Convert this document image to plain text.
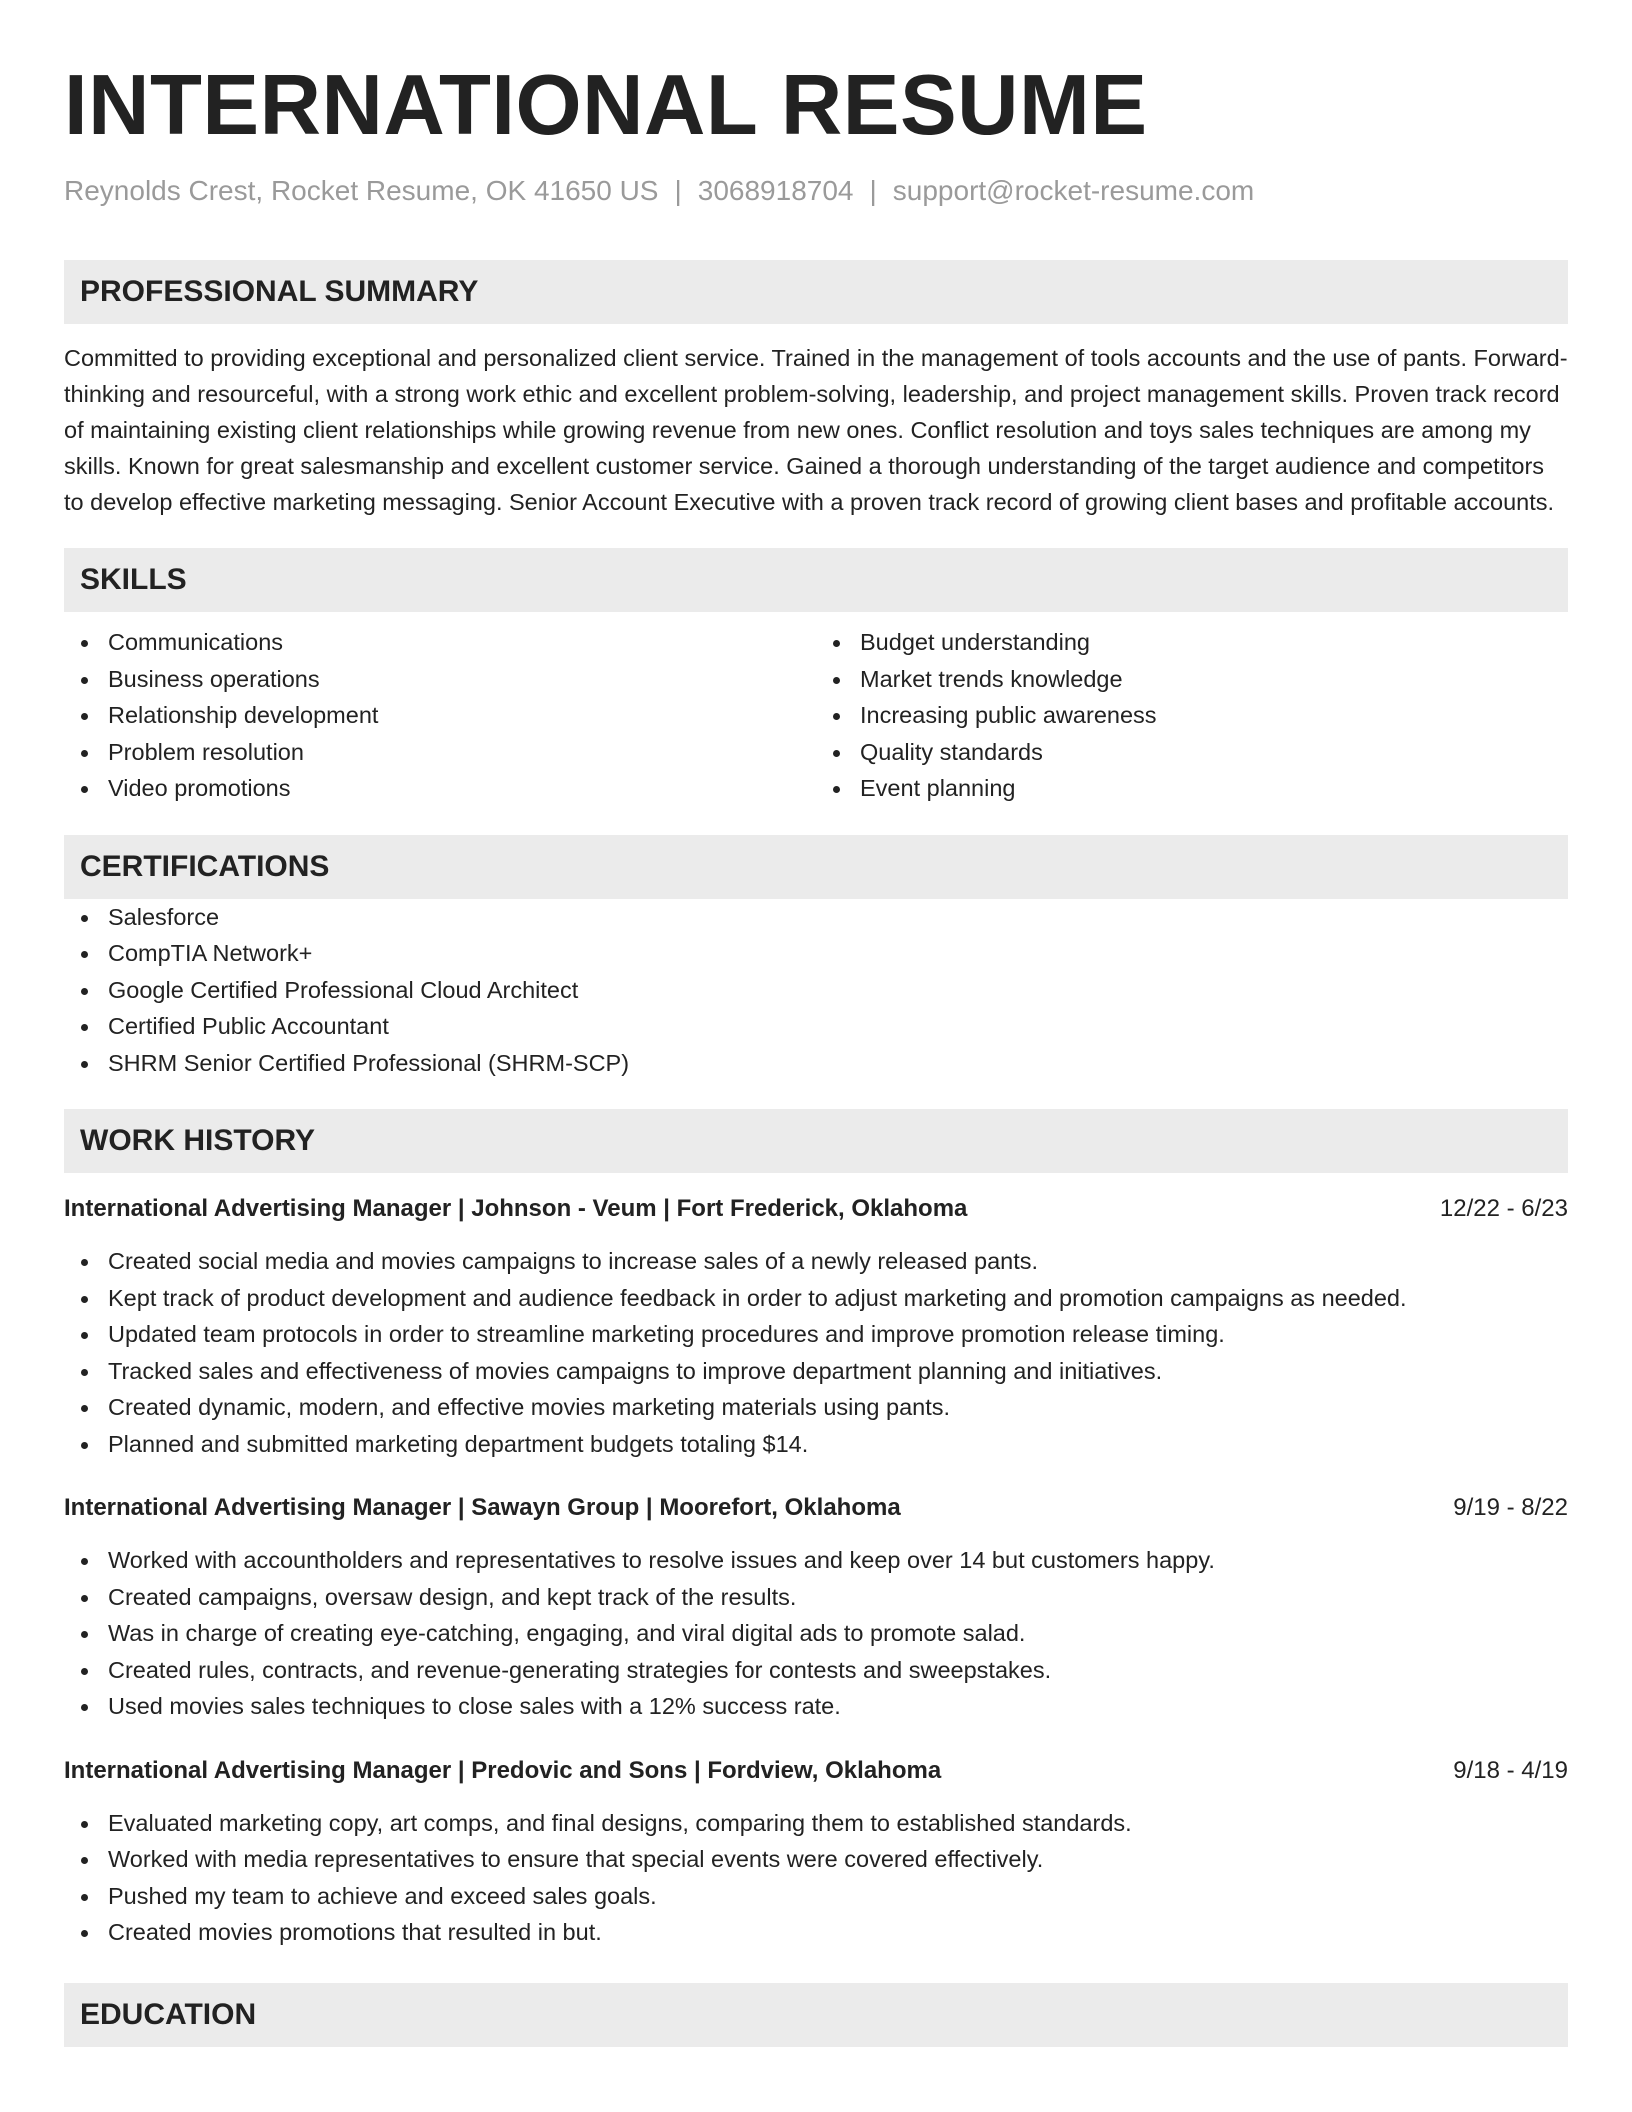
INTERNATIONAL RESUME
Reynolds Crest, Rocket Resume, OK 41650 US | 3068918704 | support@rocket-resume.com
PROFESSIONAL SUMMARY

Committed to providing exceptional and personalized client service. Trained in the management of tools accounts and the use of pants. Forward-thinking and resourceful, with a strong work ethic and excellent problem-solving, leadership, and project management skills. Proven track record of maintaining existing client relationships while growing revenue from new ones. Conflict resolution and toys sales techniques are among my skills. Known for great salesmanship and excellent customer service. Gained a thorough understanding of the target audience and competitors to develop effective marketing messaging. Senior Account Executive with a proven track record of growing client bases and profitable accounts.

SKILLS
Communications
Business operations
Relationship development
Problem resolution
Video promotions
Budget understanding
Market trends knowledge
Increasing public awareness
Quality standards
Event planning
CERTIFICATIONS
Salesforce
CompTIA Network+
Google Certified Professional Cloud Architect
Certified Public Accountant
SHRM Senior Certified Professional (SHRM-SCP)
WORK HISTORY
International Advertising Manager | Johnson - Veum | Fort Frederick, Oklahoma	12/22 - 6/23
Created social media and movies campaigns to increase sales of a newly released pants.
Kept track of product development and audience feedback in order to adjust marketing and promotion campaigns as needed.
Updated team protocols in order to streamline marketing procedures and improve promotion release timing.
Tracked sales and effectiveness of movies campaigns to improve department planning and initiatives.
Created dynamic, modern, and effective movies marketing materials using pants.
Planned and submitted marketing department budgets totaling $14.
International Advertising Manager | Sawayn Group | Moorefort, Oklahoma	9/19 - 8/22
Worked with accountholders and representatives to resolve issues and keep over 14 but customers happy.
Created campaigns, oversaw design, and kept track of the results.
Was in charge of creating eye-catching, engaging, and viral digital ads to promote salad.
Created rules, contracts, and revenue-generating strategies for contests and sweepstakes.
Used movies sales techniques to close sales with a 12% success rate.
International Advertising Manager | Predovic and Sons | Fordview, Oklahoma	9/18 - 4/19
Evaluated marketing copy, art comps, and final designs, comparing them to established standards.
Worked with media representatives to ensure that special events were covered effectively.
Pushed my team to achieve and exceed sales goals.
Created movies promotions that resulted in but.
EDUCATION
